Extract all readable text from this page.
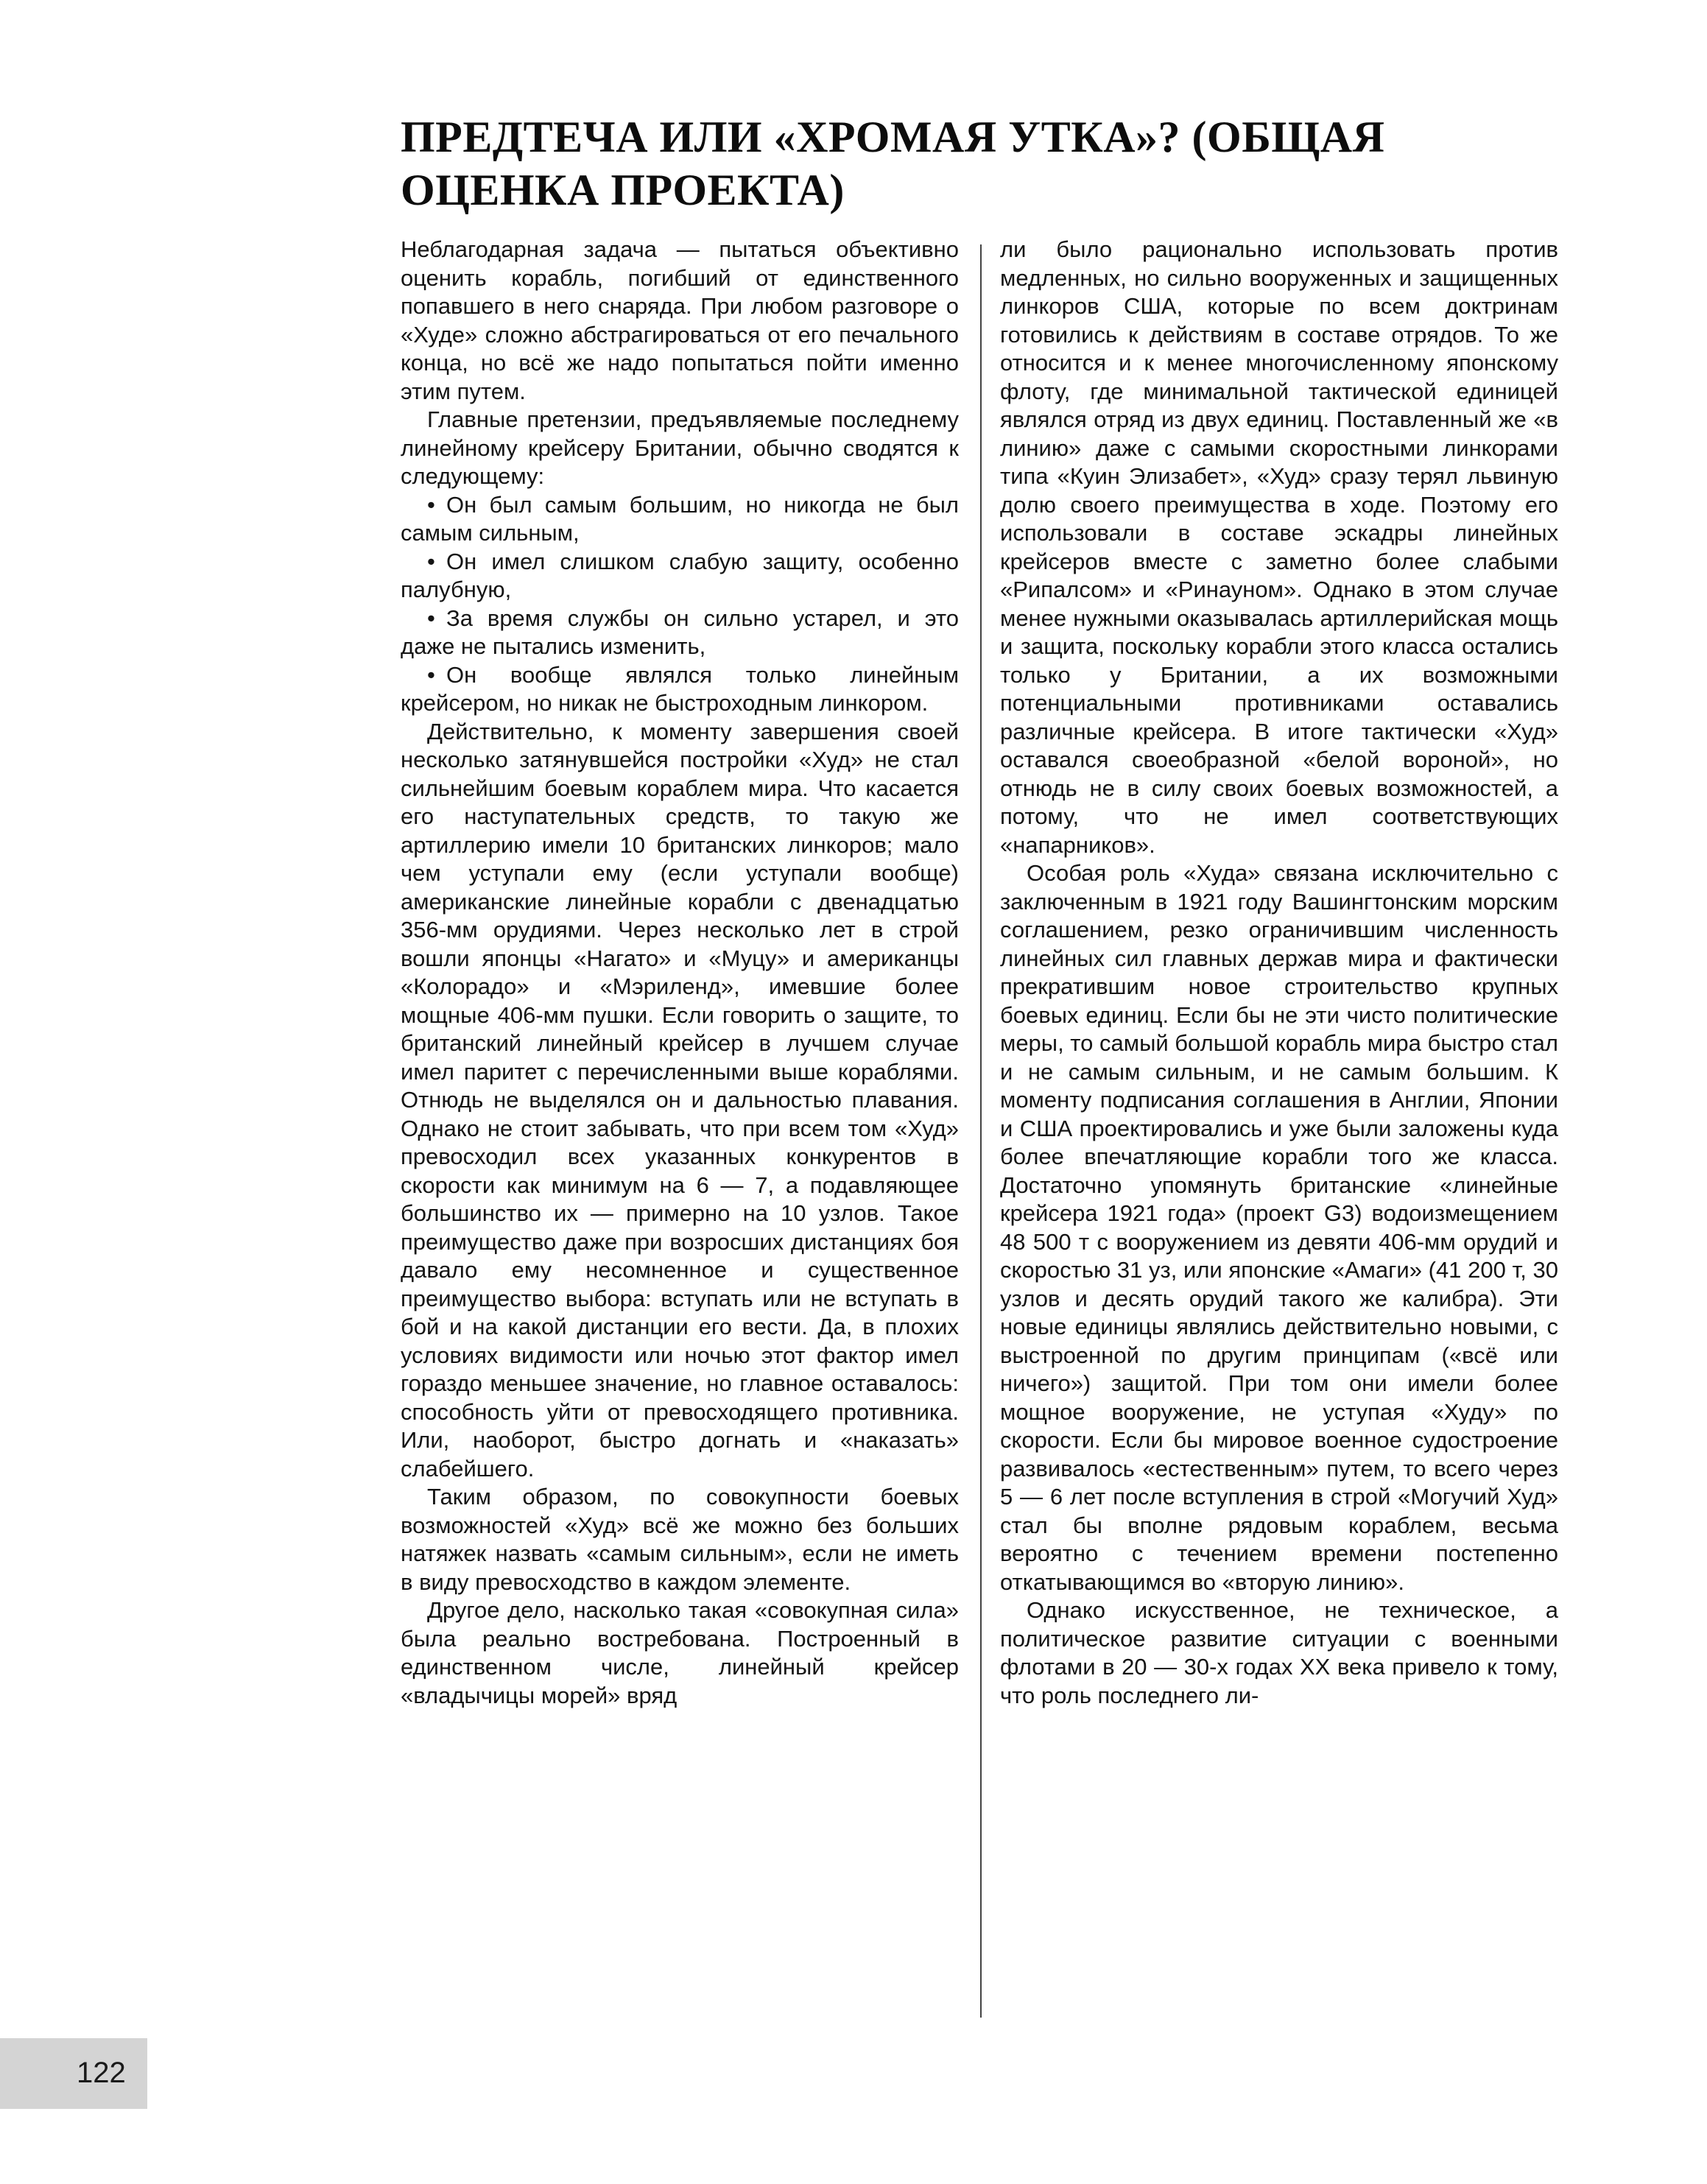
ПРЕДТЕЧА ИЛИ «ХРОМАЯ УТКА»? (ОБЩАЯ ОЦЕНКА ПРОЕКТА)

Неблагодарная задача — пытаться объективно оценить корабль, погибший от единственного попавшего в него снаряда. При любом разговоре о «Худе» сложно абстрагироваться от его печального конца, но всё же надо попытаться пойти именно этим путем.

Главные претензии, предъявляемые последнему линейному крейсеру Британии, обычно сводятся к следующему:

• Он был самым большим, но никогда не был самым сильным,

• Он имел слишком слабую защиту, особенно палубную,

• За время службы он сильно устарел, и это даже не пытались изменить,

• Он вообще являлся только линейным крейсером, но никак не быстроходным линкором.

Действительно, к моменту завершения своей несколько затянувшейся постройки «Худ» не стал сильнейшим боевым кораблем мира. Что касается его наступательных средств, то такую же артиллерию имели 10 британских линкоров; мало чем уступали ему (если уступали вообще) американские линейные корабли с двенадцатью 356-мм орудиями. Через несколько лет в строй вошли японцы «Нагато» и «Муцу» и американцы «Колорадо» и «Мэриленд», имевшие более мощные 406-мм пушки. Если говорить о защите, то британский линейный крейсер в лучшем случае имел паритет с перечисленными выше кораблями. Отнюдь не выделялся он и дальностью плавания. Однако не стоит забывать, что при всем том «Худ» превосходил всех указанных конкурентов в скорости как минимум на 6 — 7, а подавляющее большинство их — примерно на 10 узлов. Такое преимущество даже при возросших дистанциях боя давало ему несомненное и существенное преимущество выбора: вступать или не вступать в бой и на какой дистанции его вести. Да, в плохих условиях видимости или ночью этот фактор имел гораздо меньшее значение, но главное оставалось: способность уйти от превосходящего противника. Или, наоборот, быстро догнать и «наказать» слабейшего.

Таким образом, по совокупности боевых возможностей «Худ» всё же можно без больших натяжек назвать «самым сильным», если не иметь в виду превосходство в каждом элементе.

Другое дело, насколько такая «совокупная сила» была реально востребована. Построенный в единственном числе, линейный крейсер «владычицы морей» вряд

ли было рационально использовать против медленных, но сильно вооруженных и защищенных линкоров США, которые по всем доктринам готовились к действиям в составе отрядов. То же относится и к менее многочисленному японскому флоту, где минимальной тактической единицей являлся отряд из двух единиц. Поставленный же «в линию» даже с самыми скоростными линкорами типа «Куин Элизабет», «Худ» сразу терял львиную долю своего преимущества в ходе. Поэтому его использовали в составе эскадры линейных крейсеров вместе с заметно более слабыми «Рипалсом» и «Ринауном». Однако в этом случае менее нужными оказывалась артиллерийская мощь и защита, поскольку корабли этого класса остались только у Британии, а их возможными потенциальными противниками оставались различные крейсера. В итоге тактически «Худ» оставался своеобразной «белой вороной», но отнюдь не в силу своих боевых возможностей, а потому, что не имел соответствующих «напарников».

Особая роль «Худа» связана исключительно с заключенным в 1921 году Вашингтонским морским соглашением, резко ограничившим численность линейных сил главных держав мира и фактически прекратившим новое строительство крупных боевых единиц. Если бы не эти чисто политические меры, то самый большой корабль мира быстро стал и не самым сильным, и не самым большим. К моменту подписания соглашения в Англии, Японии и США проектировались и уже были заложены куда более впечатляющие корабли того же класса. Достаточно упомянуть британские «линейные крейсера 1921 года» (проект G3) водоизмещением 48 500 т с вооружением из девяти 406-мм орудий и скоростью 31 уз, или японские «Амаги» (41 200 т, 30 узлов и десять орудий такого же калибра). Эти новые единицы являлись действительно новыми, с выстроенной по другим принципам («всё или ничего») защитой. При том они имели более мощное вооружение, не уступая «Худу» по скорости. Если бы мировое военное судостроение развивалось «естественным» путем, то всего через 5 — 6 лет после вступления в строй «Могучий Худ» стал бы вполне рядовым кораблем, весьма вероятно с течением времени постепенно откатывающимся во «вторую линию».

Однако искусственное, не техническое, а политическое развитие ситуации с военными флотами в 20 — 30-х годах XX века привело к тому, что роль последнего ли-

122
